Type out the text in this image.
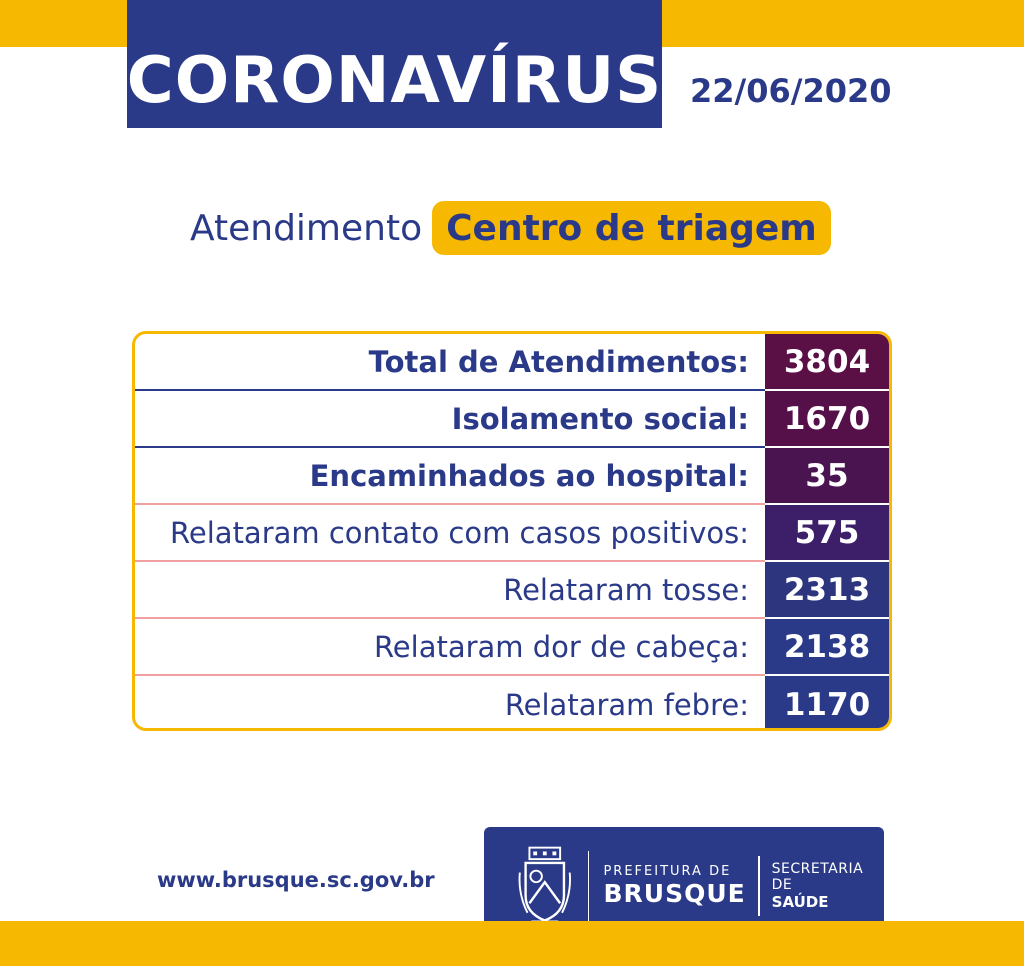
CORONAVÍRUS 22/06/2020
Atendimento Centro de triagem
Total de Atendimentos:	3804
Isolamento social:	1670
Encaminhados ao hospital:	35
Relataram contato com casos positivos:	575
Relataram tosse:	2313
Relataram dor de cabeça:	2138
Relataram febre:	1170
www.brusque.sc.gov.br	PREFEITURA DE
BRUSQUE
SECRETARIA DE
SAÚDE
